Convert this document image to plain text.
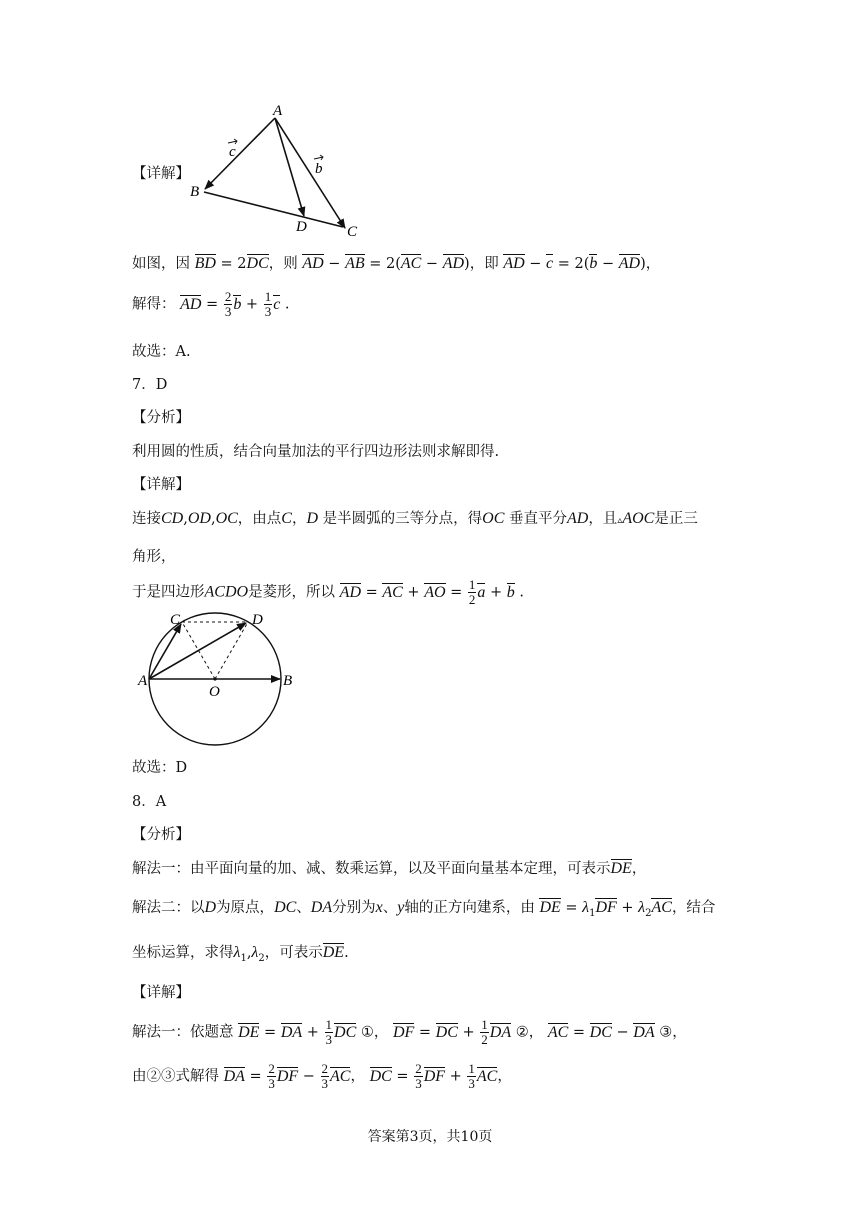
A
B
D	C
c
b
【详解】
如图，因 BD = 2DC，则 AD − AB = 2(AC − AD)，即 AD − c = 2(b − AD)，
解得： AD = $\frac{2}{3}$ $b + \frac{1}{3}$ c .
故选：A.
7．D
【分析】
利用圆的性质，结合向量加法的平行四边形法则求解即得.
【详解】
连接CD,OD,OC，由点C，D 是半圆弧的三等分点，得OC 垂直平分AD，且▵AOC是正三
角形，
于是四边形ACDO是菱形，所以 AD = AC + AO = $\frac{1}{2}$ a + b .
A
C	D
O
B
故选：D
8．A
【分析】
解法一：由平面向量的加、减、数乘运算，以及平面向量基本定理，可表示DE，
解法二：以D为原点，DC、DA分别为x、y轴的正方向建系，由 DE = $\lambda_1DF + \lambda_2AC$，结合
坐标运算，求得$\lambda_1,\lambda_2$，可表示DE.
【详解】
解法一：依题意 DE = DA + $\frac{1}{3}$ DC ①， DF = DC + $\frac{1}{2}$ DA ②， AC = DC − DA ③，
由②③式解得 DA = $\frac{2}{3}$ DF − $\frac{2}{3}$ AC， DC = $\frac{2}{3}$ DF + $\frac{1}{3}$ AC，
答案第3页，共10页
